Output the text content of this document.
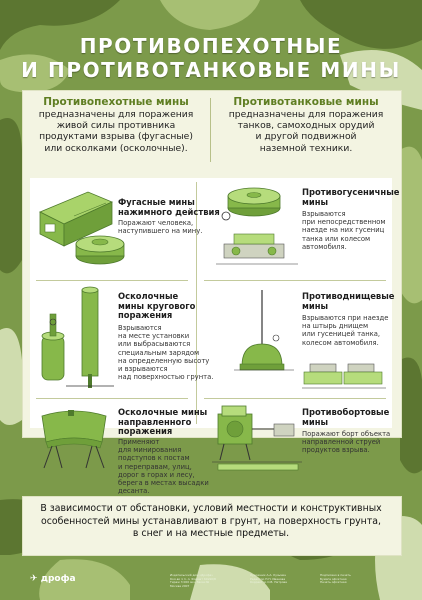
ПРОТИВОПЕХОТНЫЕ
И ПРОТИВОТАНКОВЫЕ МИНЫ
Противопехотные мины
предназначены для поражения
живой силы противника
продуктами взрыва (фугасные)
или осколками (осколочные).
Противотанковые мины
предназначены для поражения
танков, самоходных орудий
и другой подвижной
наземной техники.
Фугасные мины
нажимного действия
Поражают человека,
наступившего на мину.
Осколочные
мины кругового
поражения
Взрываются
на месте установки
или выбрасываются
специальным зарядом
на определенную высоту
и взрываются
над поверхностью грунта.
Осколочные мины
направленного
поражения
Применяют
для минирования
подступов к постам
и переправам, улиц,
дорог в горах и лесу,
берега в местах высадки
десанта.
Противогусеничные
мины
Взрываются
при непосредственном
наезде на них гусениц
танка или колесом
автомобиля.
Противоднищевые
мины
Взрываются при наезде
на штырь днищем
или гусеницей танка,
колесом автомобиля.
Противобортовые
мины
Поражают борт объекта
направленной струей
продуктов взрыва.
В зависимости от обстановки, условий местности и конструктивных
особенностей мины устанавливают в грунт, на поверхность грунта,
в снег и на местные предметы.
✈ дрофа	Издательский дом «Дрофа»
Кол-во 1 п. л. Формат 60x90/8
Тираж 3 000 экз. Заказ №
Москва 2007
Художник А.А. Кузьмин
Редактор Н.Н. Иванова
Корректор О.В. Петрова
Подписано в печать
Бумага офсетная
Печать офсетная
